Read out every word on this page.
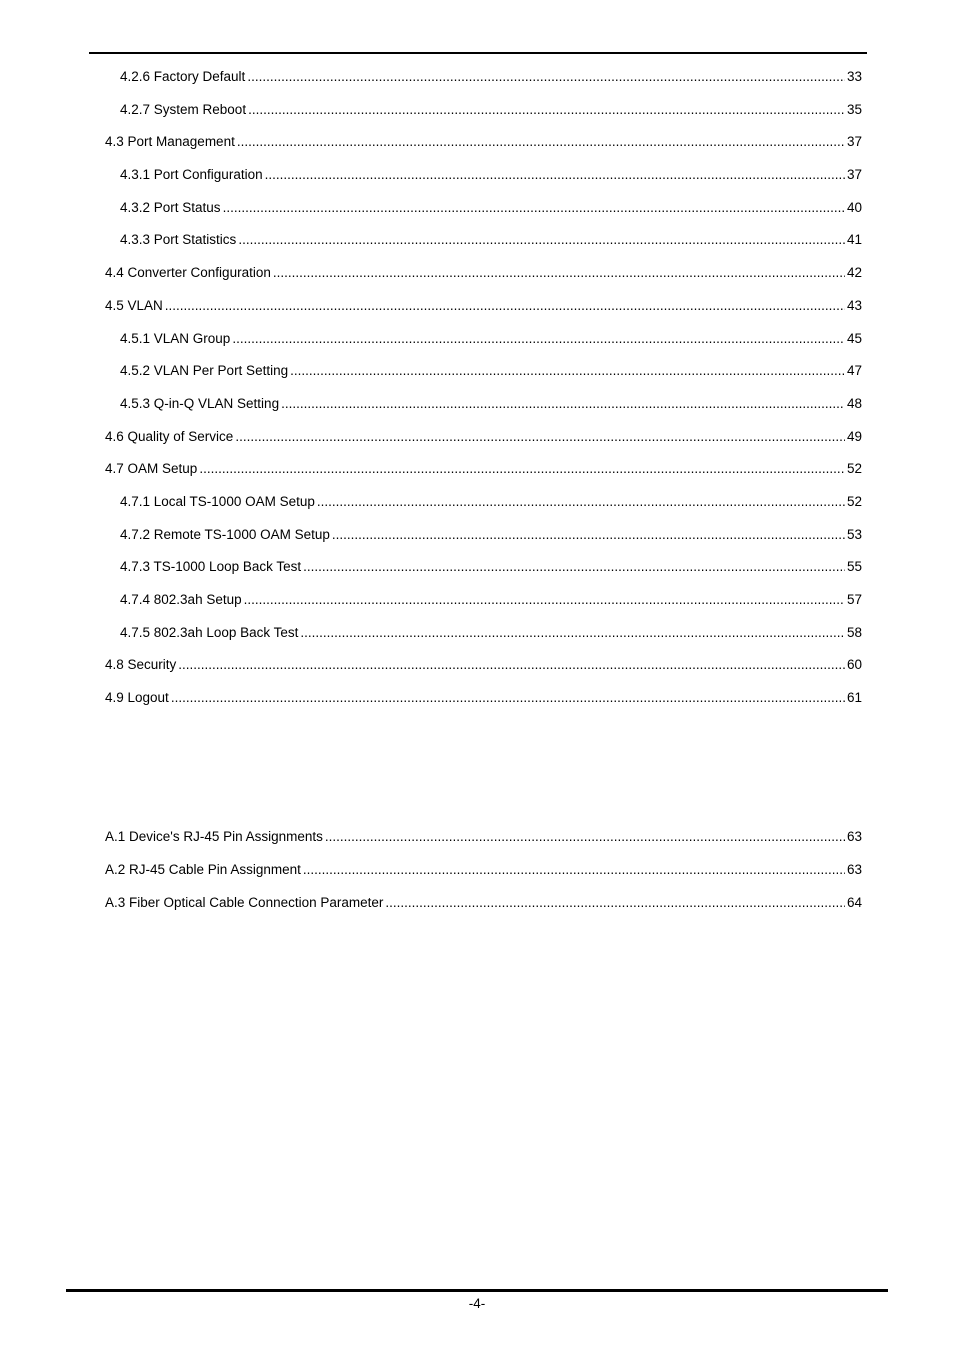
4.2.6 Factory Default .....	33
4.2.7 System Reboot .....	35
4.3 Port Management .....	37
4.3.1 Port Configuration .....	37
4.3.2 Port Status .....	40
4.3.3 Port Statistics .....	41
4.4 Converter Configuration .....	42
4.5 VLAN .....	43
4.5.1 VLAN Group .....	45
4.5.2 VLAN Per Port Setting .....	47
4.5.3 Q-in-Q VLAN Setting .....	48
4.6 Quality of Service .....	49
4.7 OAM Setup .....	52
4.7.1 Local TS-1000 OAM Setup .....	52
4.7.2 Remote TS-1000 OAM Setup .....	53
4.7.3 TS-1000 Loop Back Test .....	55
4.7.4 802.3ah Setup .....	57
4.7.5 802.3ah Loop Back Test .....	58
4.8 Security .....	60
4.9 Logout .....	61
A.1 Device's RJ-45 Pin Assignments .....	63
A.2 RJ-45 Cable Pin Assignment .....	63
A.3 Fiber Optical Cable Connection Parameter .....	64
-4-
